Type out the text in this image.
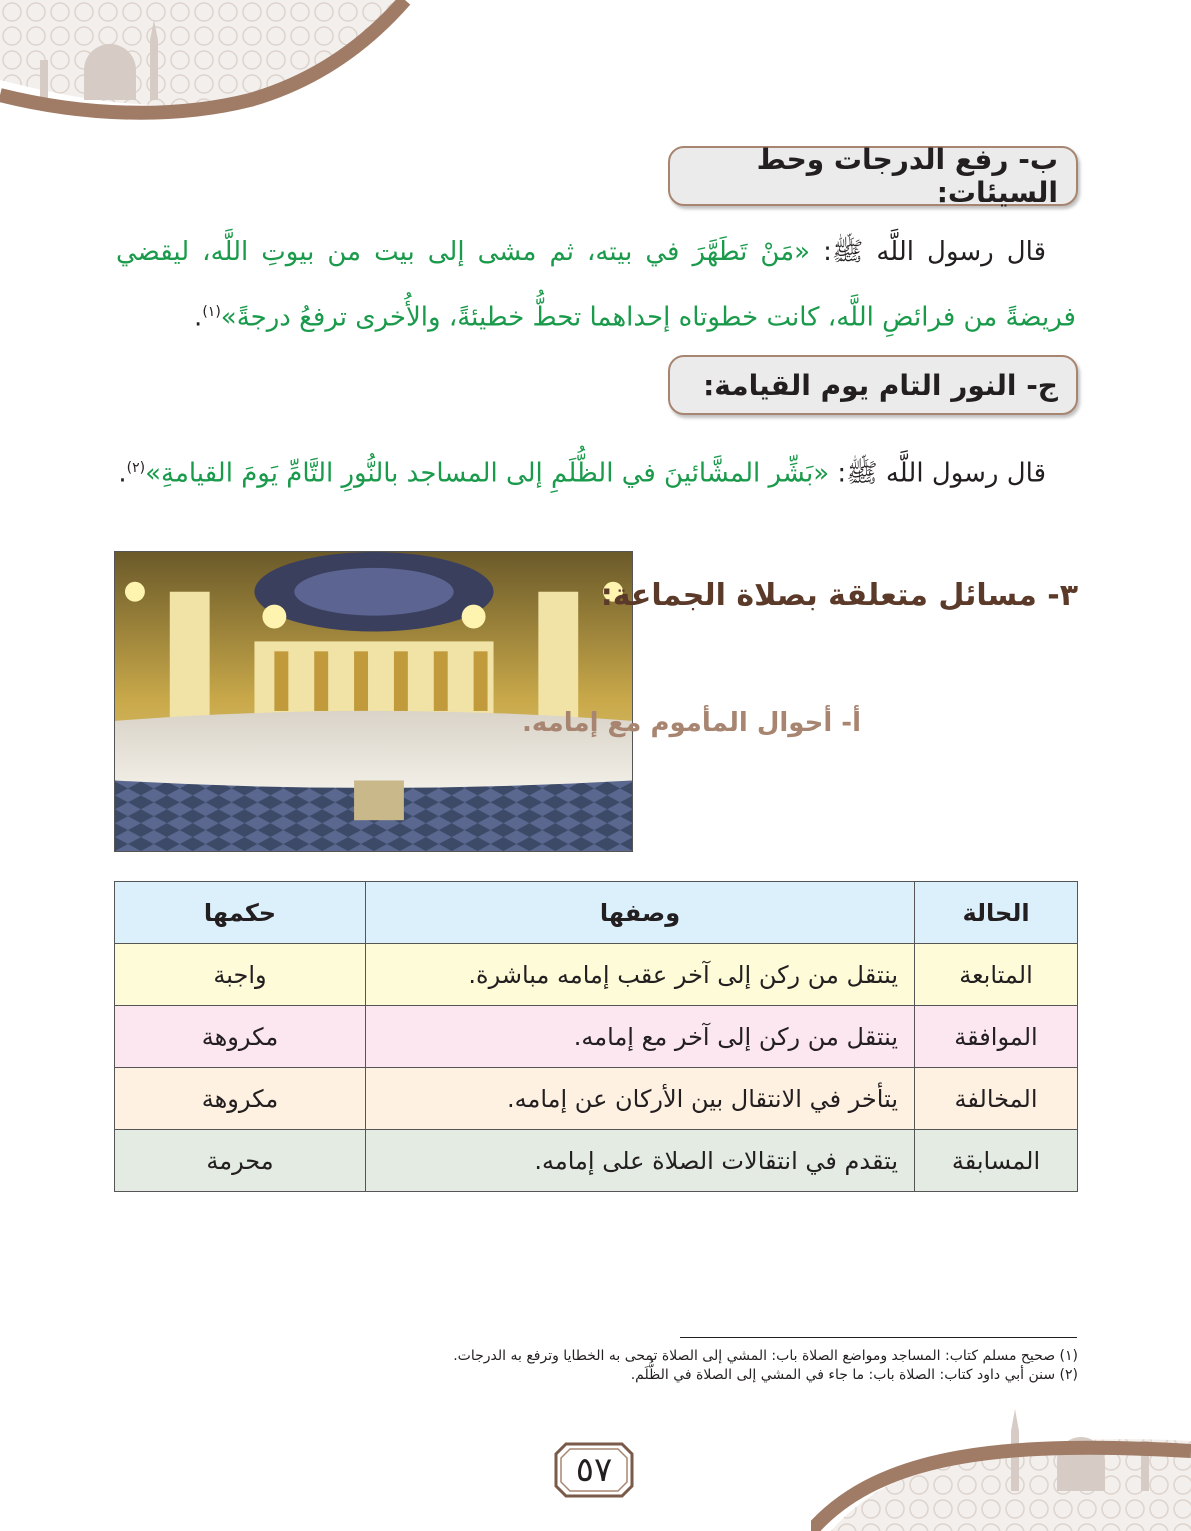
ب- رفع الدرجات وحط السيئات:
قال رسول اللَّه ﷺ: «مَنْ تَطَهَّرَ في بيته، ثم مشى إلى بيت من بيوتِ اللَّه، ليقضي فريضةً من فرائضِ اللَّه، كانت خطوتاه إحداهما تحطُّ خطيئةً، والأُخرى ترفعُ درجةً»$^{(١)}$.
ج- النور التام يوم القيامة:
قال رسول اللَّه ﷺ: «بَشِّر المشَّائينَ في الظُّلَمِ إلى المساجد بالنُّورِ التَّامِّ يَومَ القيامةِ»$^{(٢)}$.
٣- مسائل متعلقة بصلاة الجماعة:
أ- أحوال المأموم مع إمامه.
الحالة	وصفها	حكمها
المتابعة	ينتقل من ركن إلى آخر عقب إمامه مباشرة.	واجبة
الموافقة	ينتقل من ركن إلى آخر مع إمامه.	مكروهة
المخالفة	يتأخر في الانتقال بين الأركان عن إمامه.	مكروهة
المسابقة	يتقدم في انتقالات الصلاة على إمامه.	محرمة
(١) صحيح مسلم كتاب: المساجد ومواضع الصلاة باب: المشي إلى الصلاة تمحى به الخطايا وترفع به الدرجات.
(٢) سنن أبي داود كتاب: الصلاة باب: ما جاء في المشي إلى الصلاة في الظُّلَم.
٥٧
